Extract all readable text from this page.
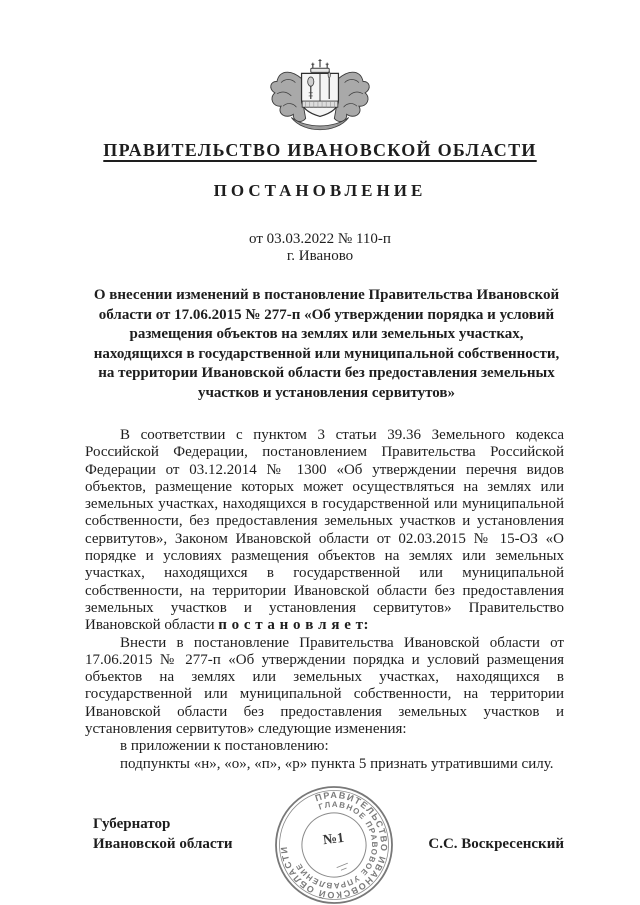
ПРАВИТЕЛЬСТВО ИВАНОВСКОЙ ОБЛАСТИ
ПОСТАНОВЛЕНИЕ
от 03.03.2022 № 110-п
г. Иваново
О внесении изменений в постановление Правительства Ивановской области от 17.06.2015 № 277-п «Об утверждении порядка и условий размещения объектов на землях или земельных участках, находящихся в государственной или муниципальной собственности, на территории Ивановской области без предоставления земельных участков и установления сервитутов»

В соответствии с пунктом 3 статьи 39.36 Земельного кодекса Российской Федерации, постановлением Правительства Российской Федерации от 03.12.2014 № 1300 «Об утверждении перечня видов объектов, размещение которых может осуществляться на землях или земельных участках, находящихся в государственной или муниципальной собственности, без предоставления земельных участков и установления сервитутов», Законом Ивановской области от 02.03.2015 № 15-ОЗ «О порядке и условиях размещения объектов на землях или земельных участках, находящихся в государственной или муниципальной собственности, на территории Ивановской области без предоставления земельных участков и установления сервитутов» Правительство Ивановской области п о с т а н о в л я е т:

Внести в постановление Правительства Ивановской области от 17.06.2015 № 277-п «Об утверждении порядка и условий размещения объектов на землях или земельных участках, находящихся в государственной или муниципальной собственности, на территории Ивановской области без предоставления земельных участков и установления сервитутов» следующие изменения:

в приложении к постановлению:

подпункты «н», «о», «п», «р» пункта 5 признать утратившими силу.

Губернатор
Ивановской области	С.С. Воскресенский
ПРАВИТЕЛЬСТВО ИВАНОВСКОЙ ОБЛАСТИ
ГЛАВНОЕ ПРАВОВОЕ УПРАВЛЕНИЕ
№1
